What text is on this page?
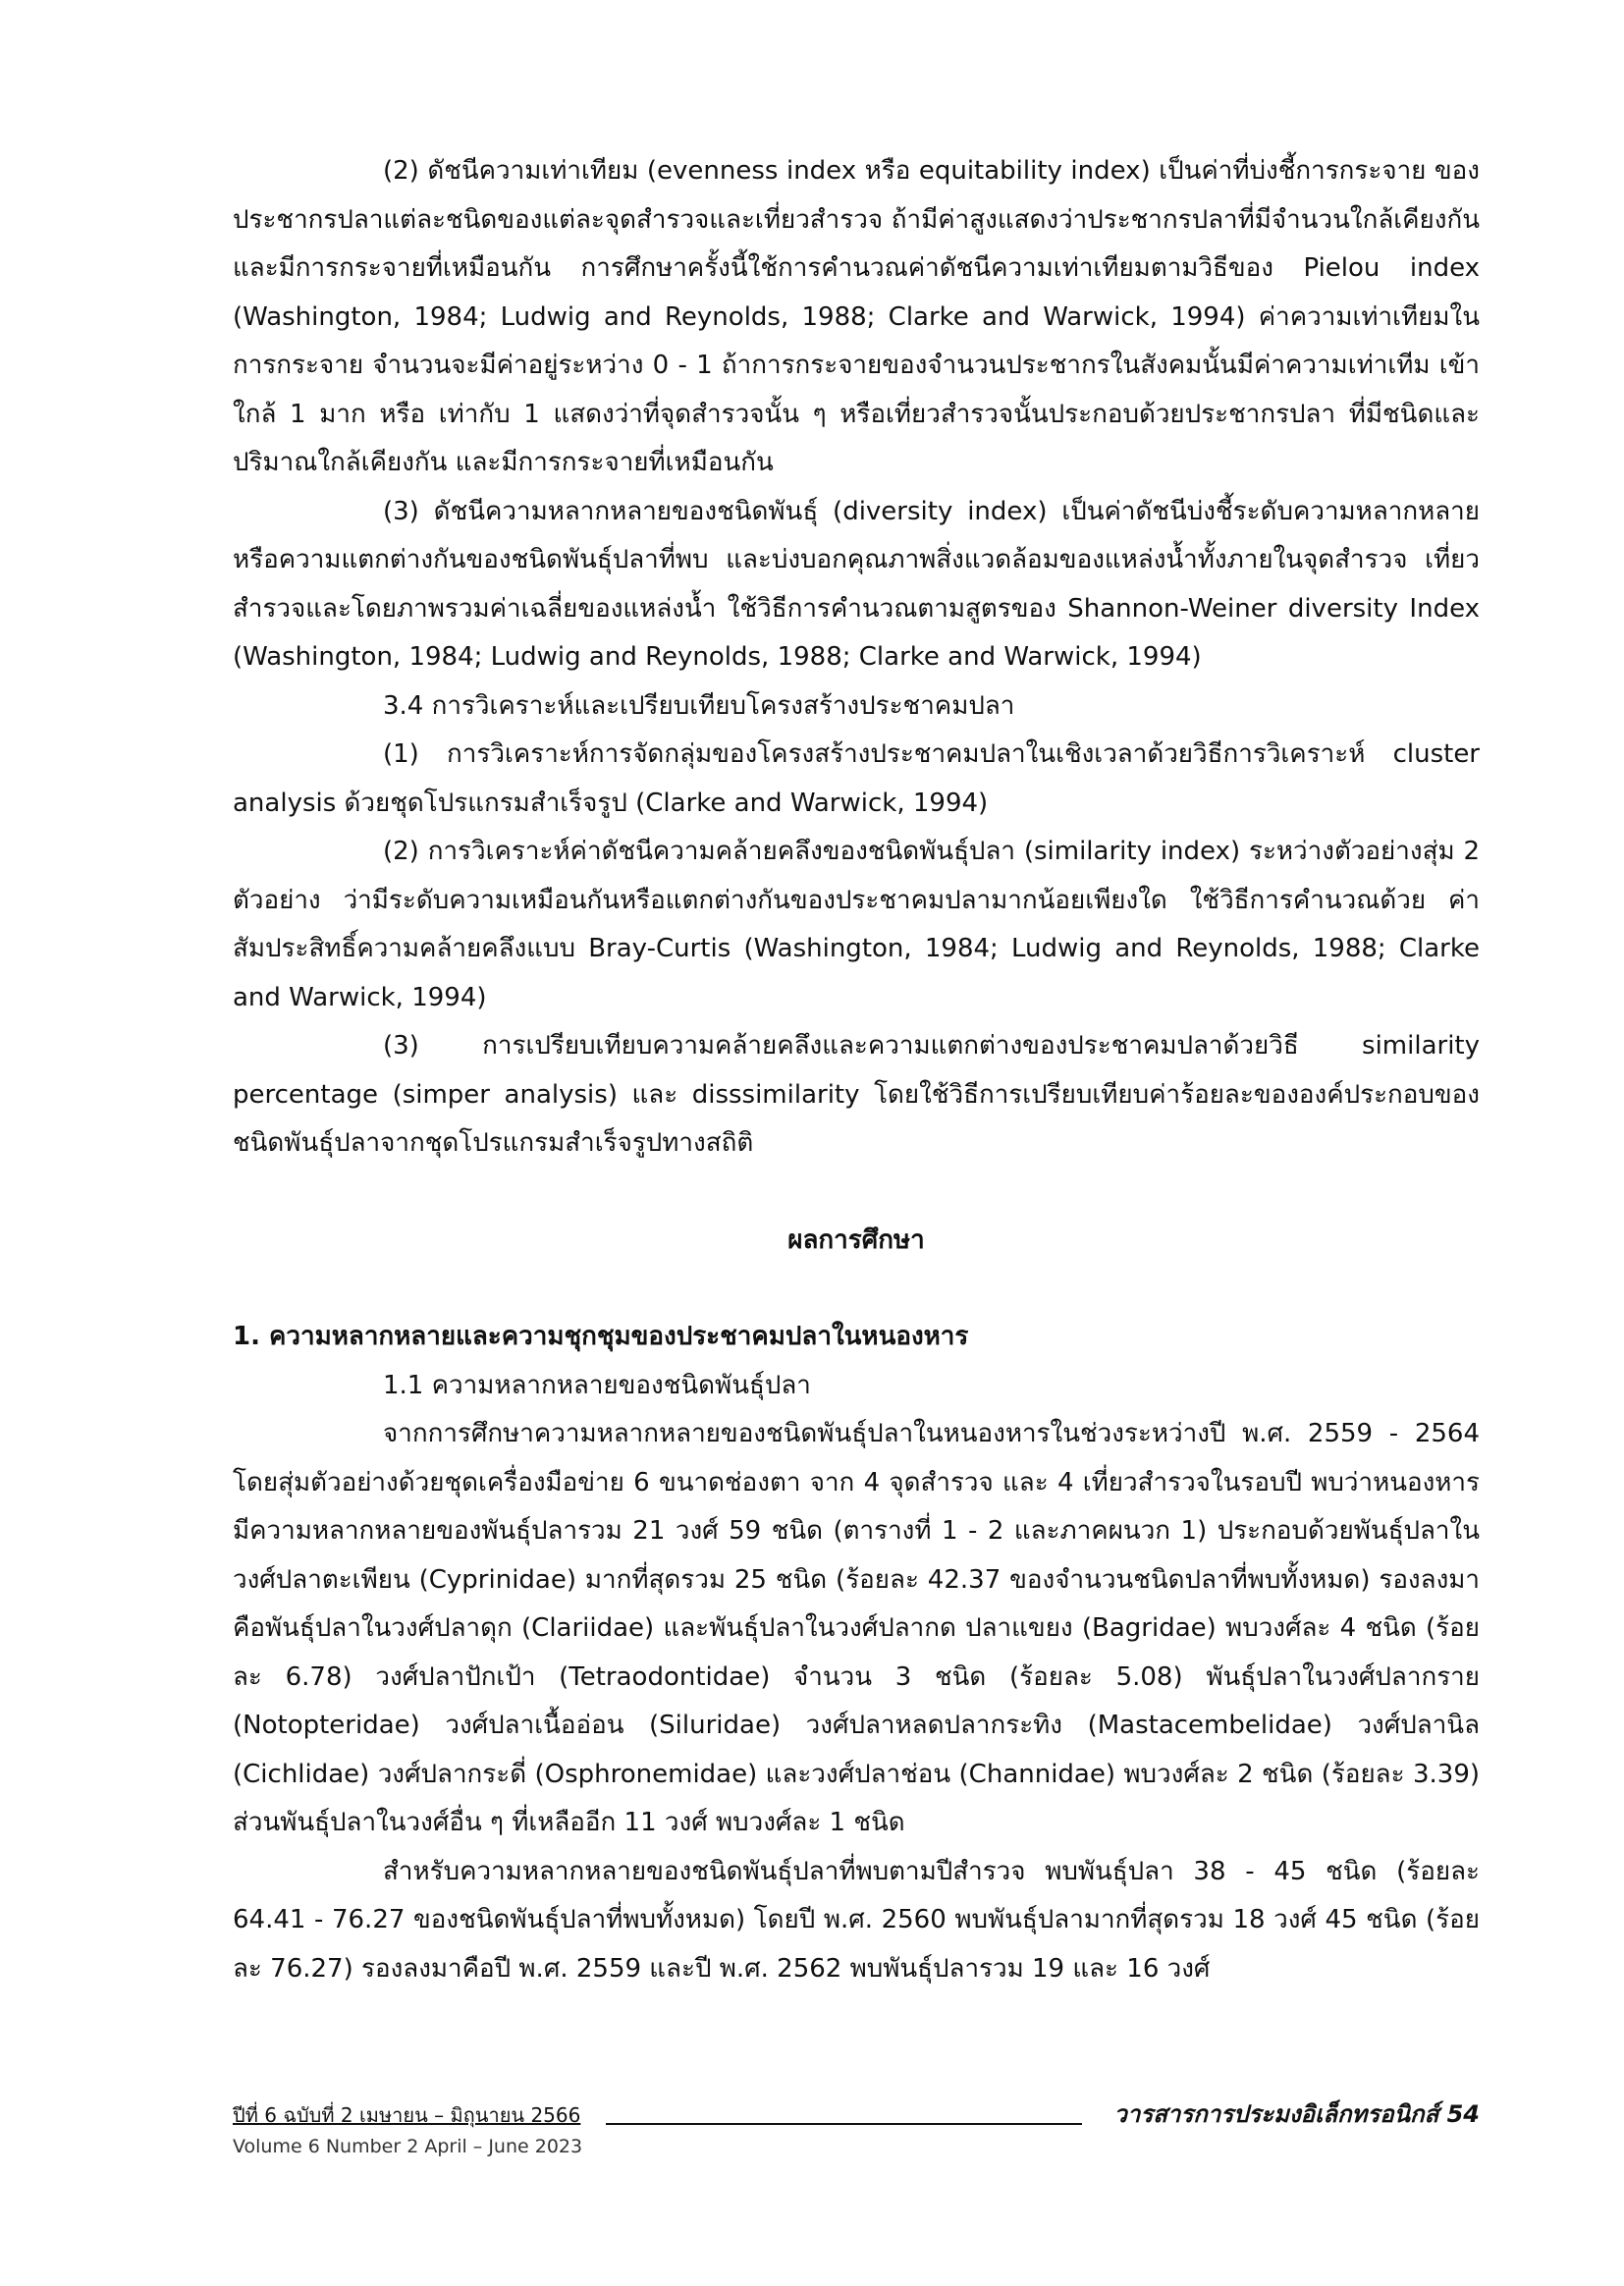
(2) ดัชนีความเท่าเทียม (evenness index หรือ equitability index) เป็นค่าที่บ่งชี้การกระจาย ของประชากรปลาแต่ละชนิดของแต่ละจุดสำรวจและเที่ยวสำรวจ ถ้ามีค่าสูงแสดงว่าประชากรปลาที่มีจำนวนใกล้เคียงกันและมีการกระจายที่เหมือนกัน การศึกษาครั้งนี้ใช้การคำนวณค่าดัชนีความเท่าเทียมตามวิธีของ Pielou index (Washington, 1984; Ludwig and Reynolds, 1988; Clarke and Warwick, 1994) ค่าความเท่าเทียมในการกระจาย จำนวนจะมีค่าอยู่ระหว่าง 0 - 1 ถ้าการกระจายของจำนวนประชากรในสังคมนั้นมีค่าความเท่าเทีม เข้าใกล้ 1 มาก หรือ เท่ากับ 1 แสดงว่าที่จุดสำรวจนั้น ๆ หรือเที่ยวสำรวจนั้นประกอบด้วยประชากรปลา ที่มีชนิดและปริมาณใกล้เคียงกัน และมีการกระจายที่เหมือนกัน

(3) ดัชนีความหลากหลายของชนิดพันธุ์ (diversity index) เป็นค่าดัชนีบ่งชี้ระดับความหลากหลายหรือความแตกต่างกันของชนิดพันธุ์ปลาที่พบ และบ่งบอกคุณภาพสิ่งแวดล้อมของแหล่งน้ำทั้งภายในจุดสำรวจ เที่ยวสำรวจและโดยภาพรวมค่าเฉลี่ยของแหล่งน้ำ ใช้วิธีการคำนวณตามสูตรของ Shannon-Weiner diversity Index (Washington, 1984; Ludwig and Reynolds, 1988; Clarke and Warwick, 1994)

3.4 การวิเคราะห์และเปรียบเทียบโครงสร้างประชาคมปลา

(1) การวิเคราะห์การจัดกลุ่มของโครงสร้างประชาคมปลาในเชิงเวลาด้วยวิธีการวิเคราะห์ cluster analysis ด้วยชุดโปรแกรมสำเร็จรูป (Clarke and Warwick, 1994)

(2) การวิเคราะห์ค่าดัชนีความคล้ายคลึงของชนิดพันธุ์ปลา (similarity index) ระหว่างตัวอย่างสุ่ม 2 ตัวอย่าง ว่ามีระดับความเหมือนกันหรือแตกต่างกันของประชาคมปลามากน้อยเพียงใด ใช้วิธีการคำนวณด้วย ค่าสัมประสิทธิ์ความคล้ายคลึงแบบ Bray-Curtis (Washington, 1984; Ludwig and Reynolds, 1988; Clarke and Warwick, 1994)

(3) การเปรียบเทียบความคล้ายคลึงและความแตกต่างของประชาคมปลาด้วยวิธี similarity percentage (simper analysis) และ disssimilarity โดยใช้วิธีการเปรียบเทียบค่าร้อยละขององค์ประกอบของชนิดพันธุ์ปลาจากชุดโปรแกรมสำเร็จรูปทางสถิติ

ผลการศึกษา

1. ความหลากหลายและความชุกชุมของประชาคมปลาในหนองหาร

1.1 ความหลากหลายของชนิดพันธุ์ปลา

จากการศึกษาความหลากหลายของชนิดพันธุ์ปลาในหนองหารในช่วงระหว่างปี พ.ศ. 2559 - 2564 โดยสุ่มตัวอย่างด้วยชุดเครื่องมือข่าย 6 ขนาดช่องตา จาก 4 จุดสำรวจ และ 4 เที่ยวสำรวจในรอบปี พบว่าหนองหารมีความหลากหลายของพันธุ์ปลารวม 21 วงศ์ 59 ชนิด (ตารางที่ 1 - 2 และภาคผนวก 1) ประกอบด้วยพันธุ์ปลาในวงศ์ปลาตะเพียน (Cyprinidae) มากที่สุดรวม 25 ชนิด (ร้อยละ 42.37 ของจำนวนชนิดปลาที่พบทั้งหมด) รองลงมาคือพันธุ์ปลาในวงศ์ปลาดุก (Clariidae) และพันธุ์ปลาในวงศ์ปลากด ปลาแขยง (Bagridae) พบวงศ์ละ 4 ชนิด (ร้อยละ 6.78) วงศ์ปลาปักเป้า (Tetraodontidae) จำนวน 3 ชนิด (ร้อยละ 5.08) พันธุ์ปลาในวงศ์ปลากราย (Notopteridae) วงศ์ปลาเนื้ออ่อน (Siluridae) วงศ์ปลาหลดปลากระทิง (Mastacembelidae) วงศ์ปลานิล (Cichlidae) วงศ์ปลากระดี่ (Osphronemidae) และวงศ์ปลาช่อน (Channidae) พบวงศ์ละ 2 ชนิด (ร้อยละ 3.39) ส่วนพันธุ์ปลาในวงศ์อื่น ๆ ที่เหลืออีก 11 วงศ์ พบวงศ์ละ 1 ชนิด

สำหรับความหลากหลายของชนิดพันธุ์ปลาที่พบตามปีสำรวจ พบพันธุ์ปลา 38 - 45 ชนิด (ร้อยละ 64.41 - 76.27 ของชนิดพันธุ์ปลาที่พบทั้งหมด) โดยปี พ.ศ. 2560 พบพันธุ์ปลามากที่สุดรวม 18 วงศ์ 45 ชนิด (ร้อยละ 76.27) รองลงมาคือปี พ.ศ. 2559 และปี พ.ศ. 2562 พบพันธุ์ปลารวม 19 และ 16 วงศ์

ปีที่ 6 ฉบับที่ 2 เมษายน – มิถุนายน 2566	วารสารการประมงอิเล็กทรอนิกส์ 54
Volume 6 Number 2 April – June 2023
